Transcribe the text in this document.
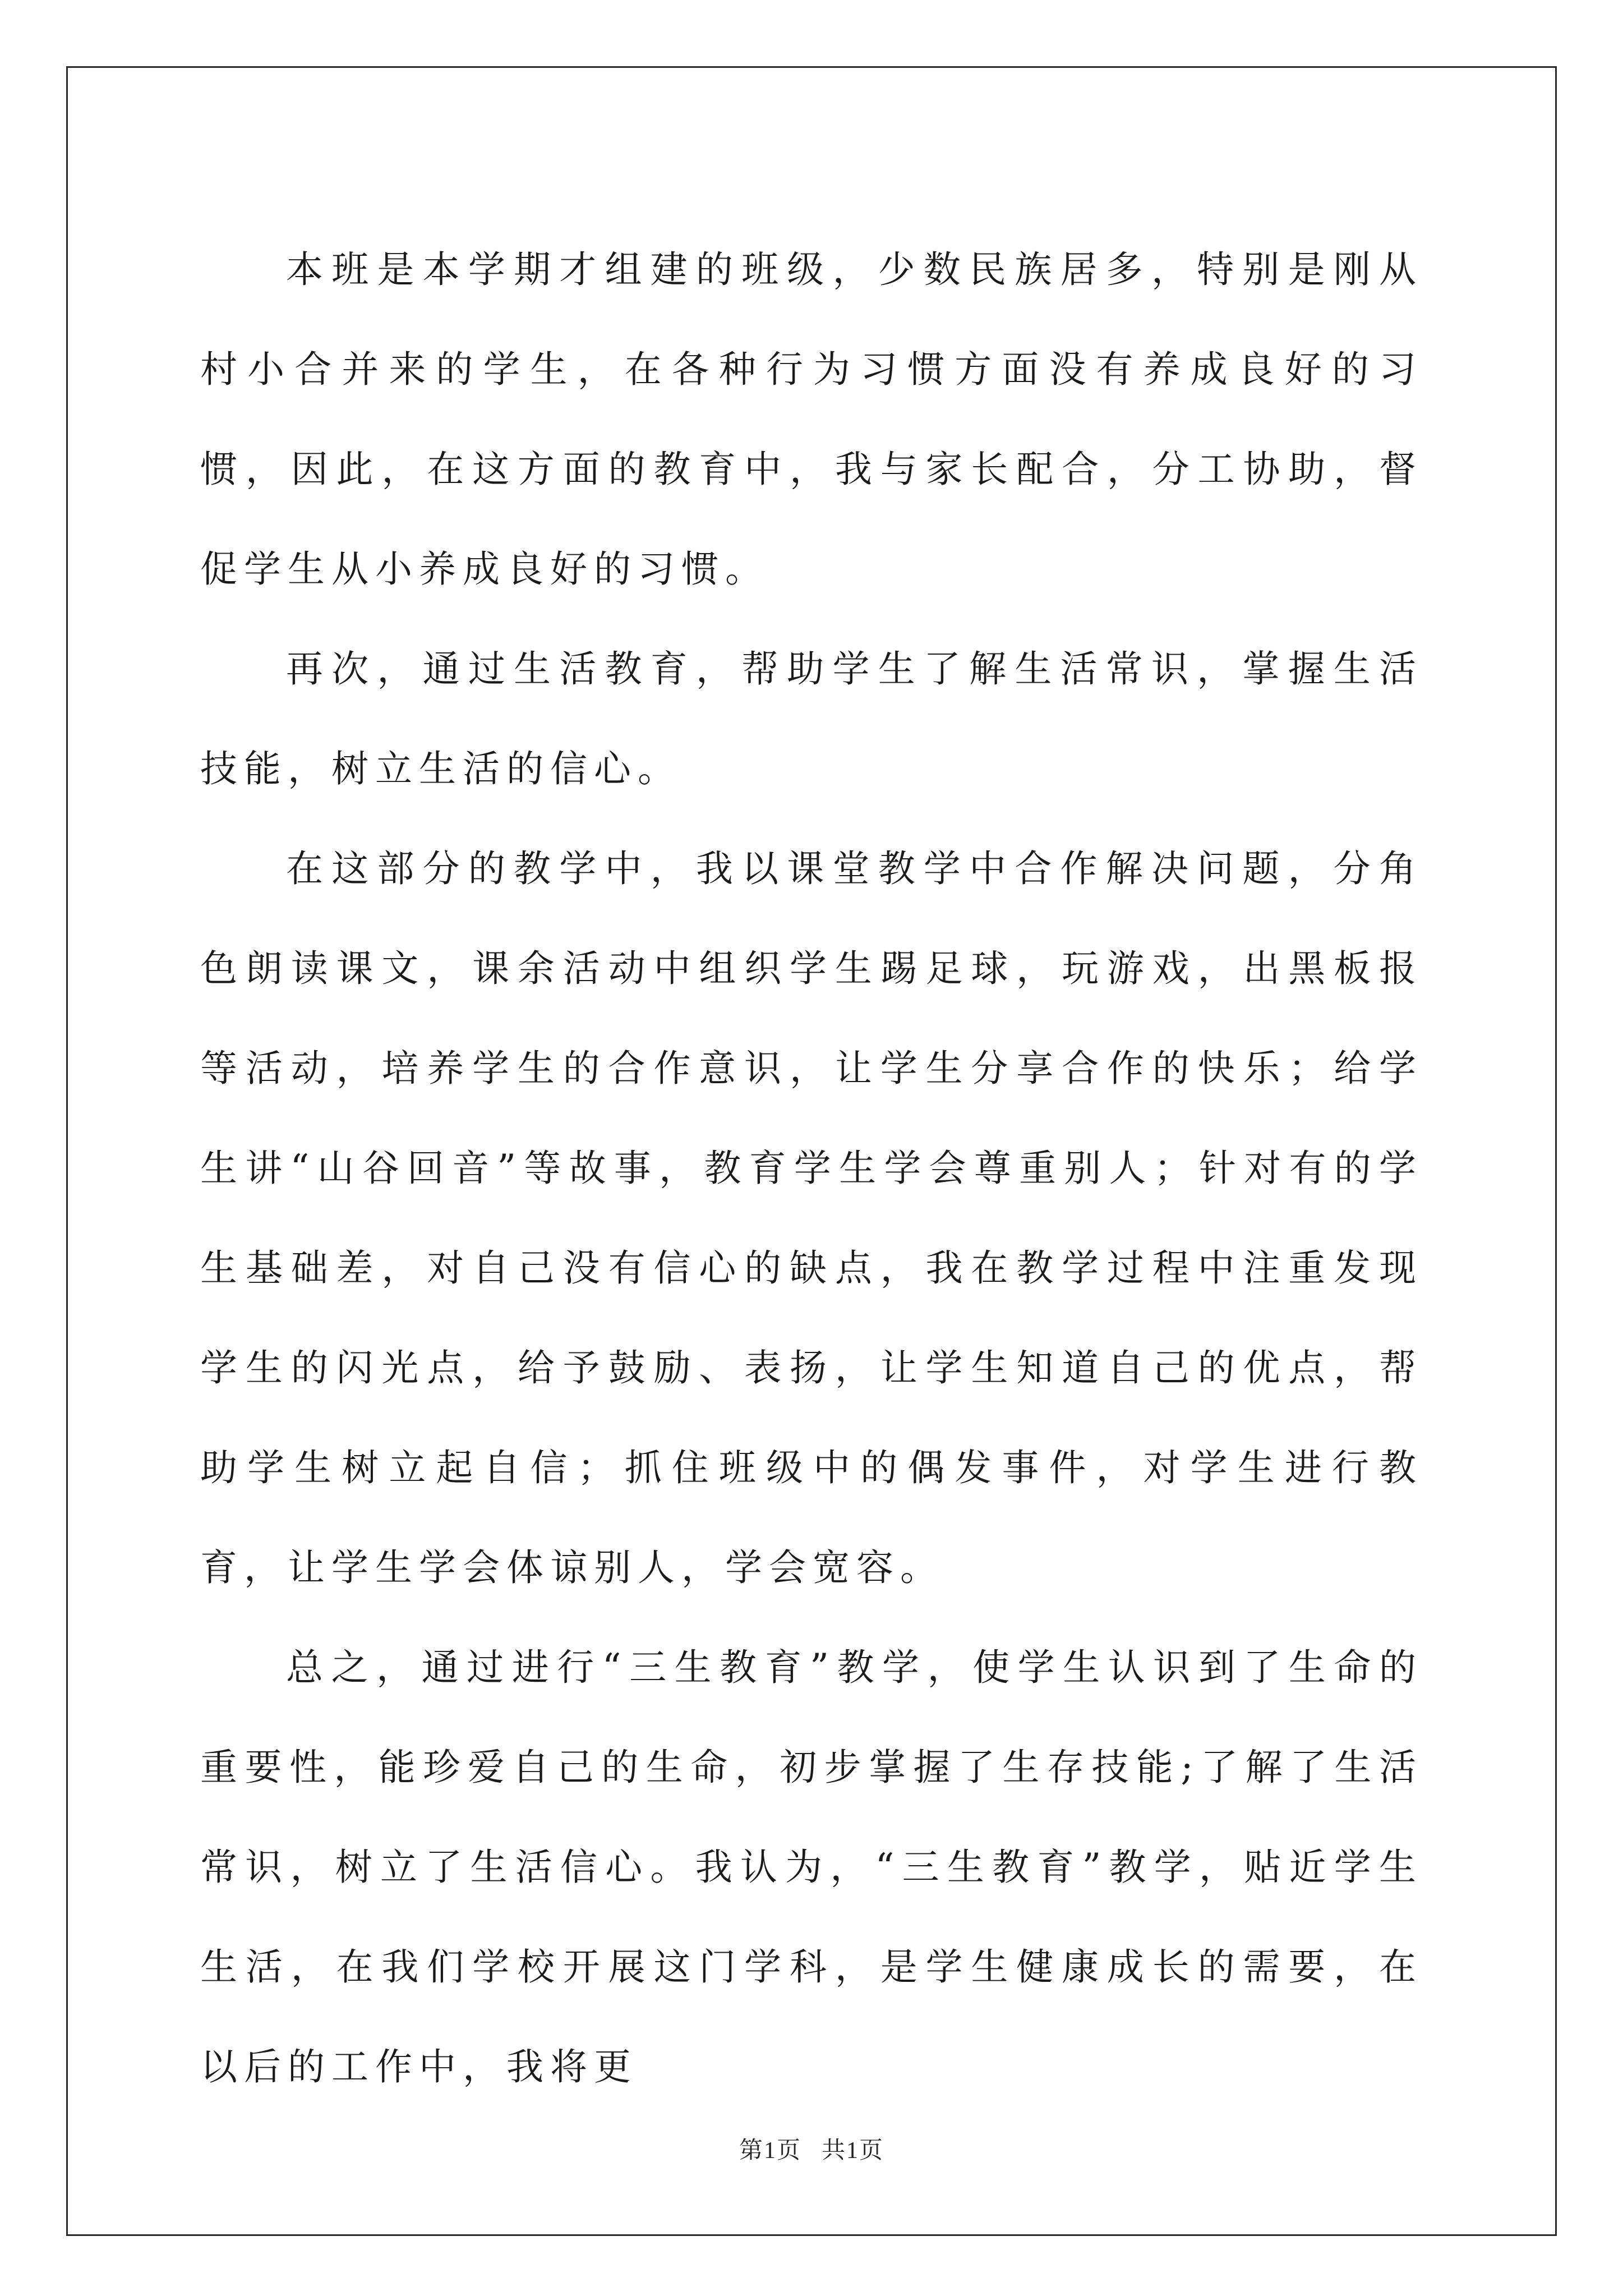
本班是本学期才组建的班级，少数民族居多，特别是刚从村小合并来的学生，在各种行为习惯方面没有养成良好的习惯，因此，在这方面的教育中，我与家长配合，分工协助，督促学生从小养成良好的习惯。

再次，通过生活教育，帮助学生了解生活常识，掌握生活技能，树立生活的信心。

在这部分的教学中，我以课堂教学中合作解决问题，分角色朗读课文，课余活动中组织学生踢足球，玩游戏，出黑板报等活动，培养学生的合作意识，让学生分享合作的快乐；给学生讲“山谷回音”等故事，教育学生学会尊重别人；针对有的学生基础差，对自己没有信心的缺点，我在教学过程中注重发现学生的闪光点，给予鼓励、表扬，让学生知道自己的优点，帮助学生树立起自信；抓住班级中的偶发事件，对学生进行教育，让学生学会体谅别人，学会宽容。

总之，通过进行“三生教育”教学，使学生认识到了生命的重要性，能珍爱自己的生命，初步掌握了生存技能;了解了生活常识，树立了生活信心。我认为，“三生教育”教学，贴近学生生活，在我们学校开展这门学科，是学生健康成长的需要，在以后的工作中，我将更

第1页 共1页
